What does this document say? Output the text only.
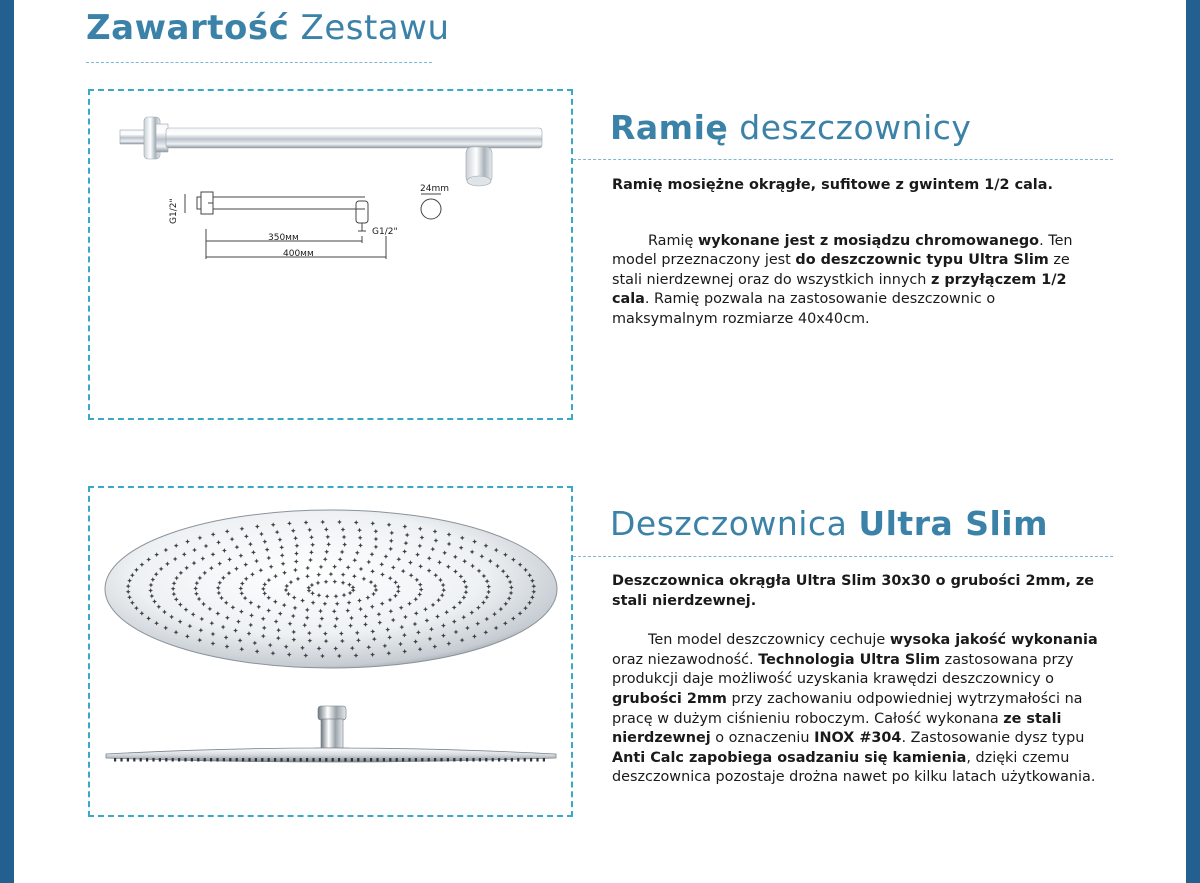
Zawartość Zestawu
24mm
G1/2"
G1/2"
350мм
400мм
Ramię deszczownicy

Ramię mosiężne okrągłe, sufitowe z gwintem 1/2 cala.

Ramię wykonane jest z mosiądzu chromowanego. Ten model przeznaczony jest do deszczownic typu Ultra Slim ze stali nierdzewnej oraz do wszystkich innych z przyłączem 1/2 cala. Ramię pozwala na zastosowanie deszczownic o maksymalnym rozmiarze 40x40cm.

Deszczownica Ultra Slim

Deszczownica okrągła Ultra Slim 30x30 o grubości 2mm, ze stali nierdzewnej.

Ten model deszczownicy cechuje wysoka jakość wykonania oraz niezawodność. Technologia Ultra Slim zastosowana przy produkcji daje możliwość uzyskania krawędzi deszczownicy o grubości 2mm przy zachowaniu odpowiedniej wytrzymałości na pracę w dużym ciśnieniu roboczym. Całość wykonana ze stali nierdzewnej o oznaczeniu INOX #304. Zastosowanie dysz typu Anti Calc zapobiega osadzaniu się kamienia, dzięki czemu deszczownica pozostaje drożna nawet po kilku latach użytkowania.
